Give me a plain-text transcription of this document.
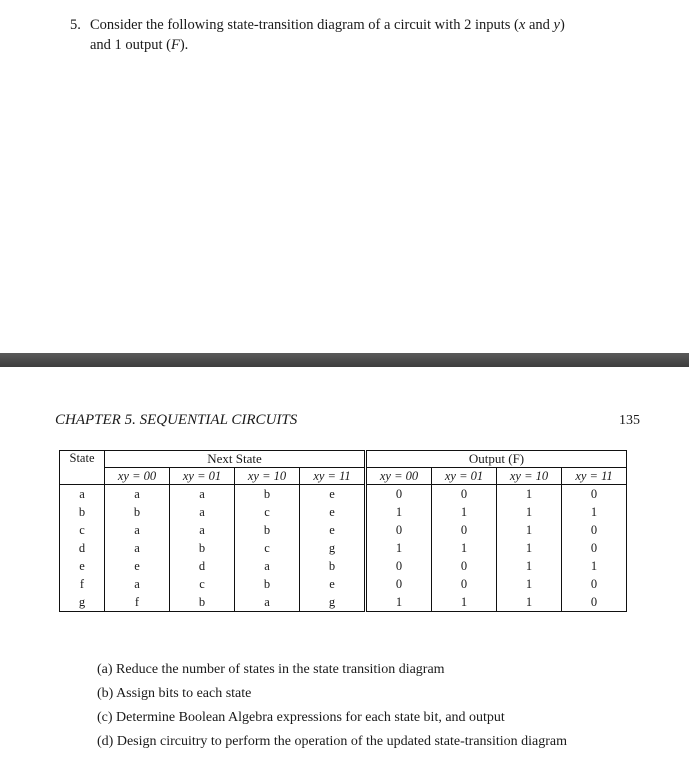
5. Consider the following state-transition diagram of a circuit with 2 inputs (x and y)
and 1 output (F).
CHAPTER 5. SEQUENTIAL CIRCUITS	135
State	Next State				Output (F)			
	xy = 00	xy = 01	xy = 10	xy = 11	xy = 00	xy = 01	xy = 10	xy = 11
a	a	a	b	e	0	0	1	0
b	b	a	c	e	1	1	1	1
c	a	a	b	e	0	0	1	0
d	a	b	c	g	1	1	1	0
e	e	d	a	b	0	0	1	1
f	a	c	b	e	0	0	1	0
g	f	b	a	g	1	1	1	0
(a) Reduce the number of states in the state transition diagram
(b) Assign bits to each state
(c) Determine Boolean Algebra expressions for each state bit, and output
(d) Design circuitry to perform the operation of the updated state-transition diagram
